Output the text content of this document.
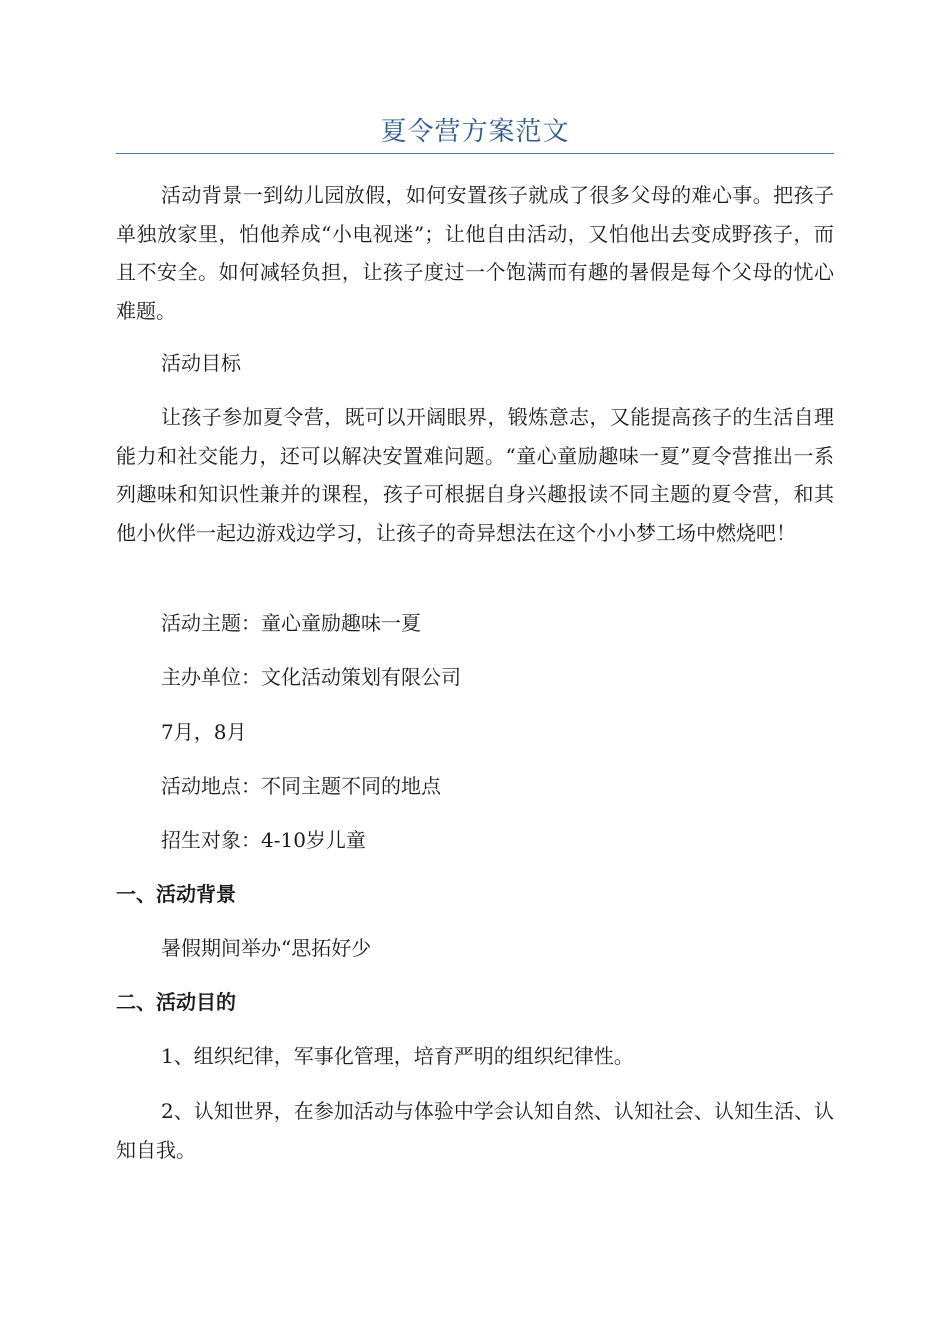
夏令营方案范文

活动背景一到幼儿园放假，如何安置孩子就成了很多父母的难心事。把孩子单独放家里，怕他养成“小电视迷”；让他自由活动，又怕他出去变成野孩子，而且不安全。如何减轻负担，让孩子度过一个饱满而有趣的暑假是每个父母的忧心难题。

活动目标

让孩子参加夏令营，既可以开阔眼界，锻炼意志，又能提高孩子的生活自理能力和社交能力，还可以解决安置难问题。“童心童励趣味一夏”夏令营推出一系列趣味和知识性兼并的课程，孩子可根据自身兴趣报读不同主题的夏令营，和其他小伙伴一起边游戏边学习，让孩子的奇异想法在这个小小梦工场中燃烧吧！

活动主题：童心童励趣味一夏

主办单位：文化活动策划有限公司

7月，8月

活动地点：不同主题不同的地点

招生对象：4-10岁儿童

一、活动背景

暑假期间举办“思拓好少

二、活动目的

1、组织纪律，军事化管理，培育严明的组织纪律性。

2、认知世界，在参加活动与体验中学会认知自然、认知社会、认知生活、认知自我。
